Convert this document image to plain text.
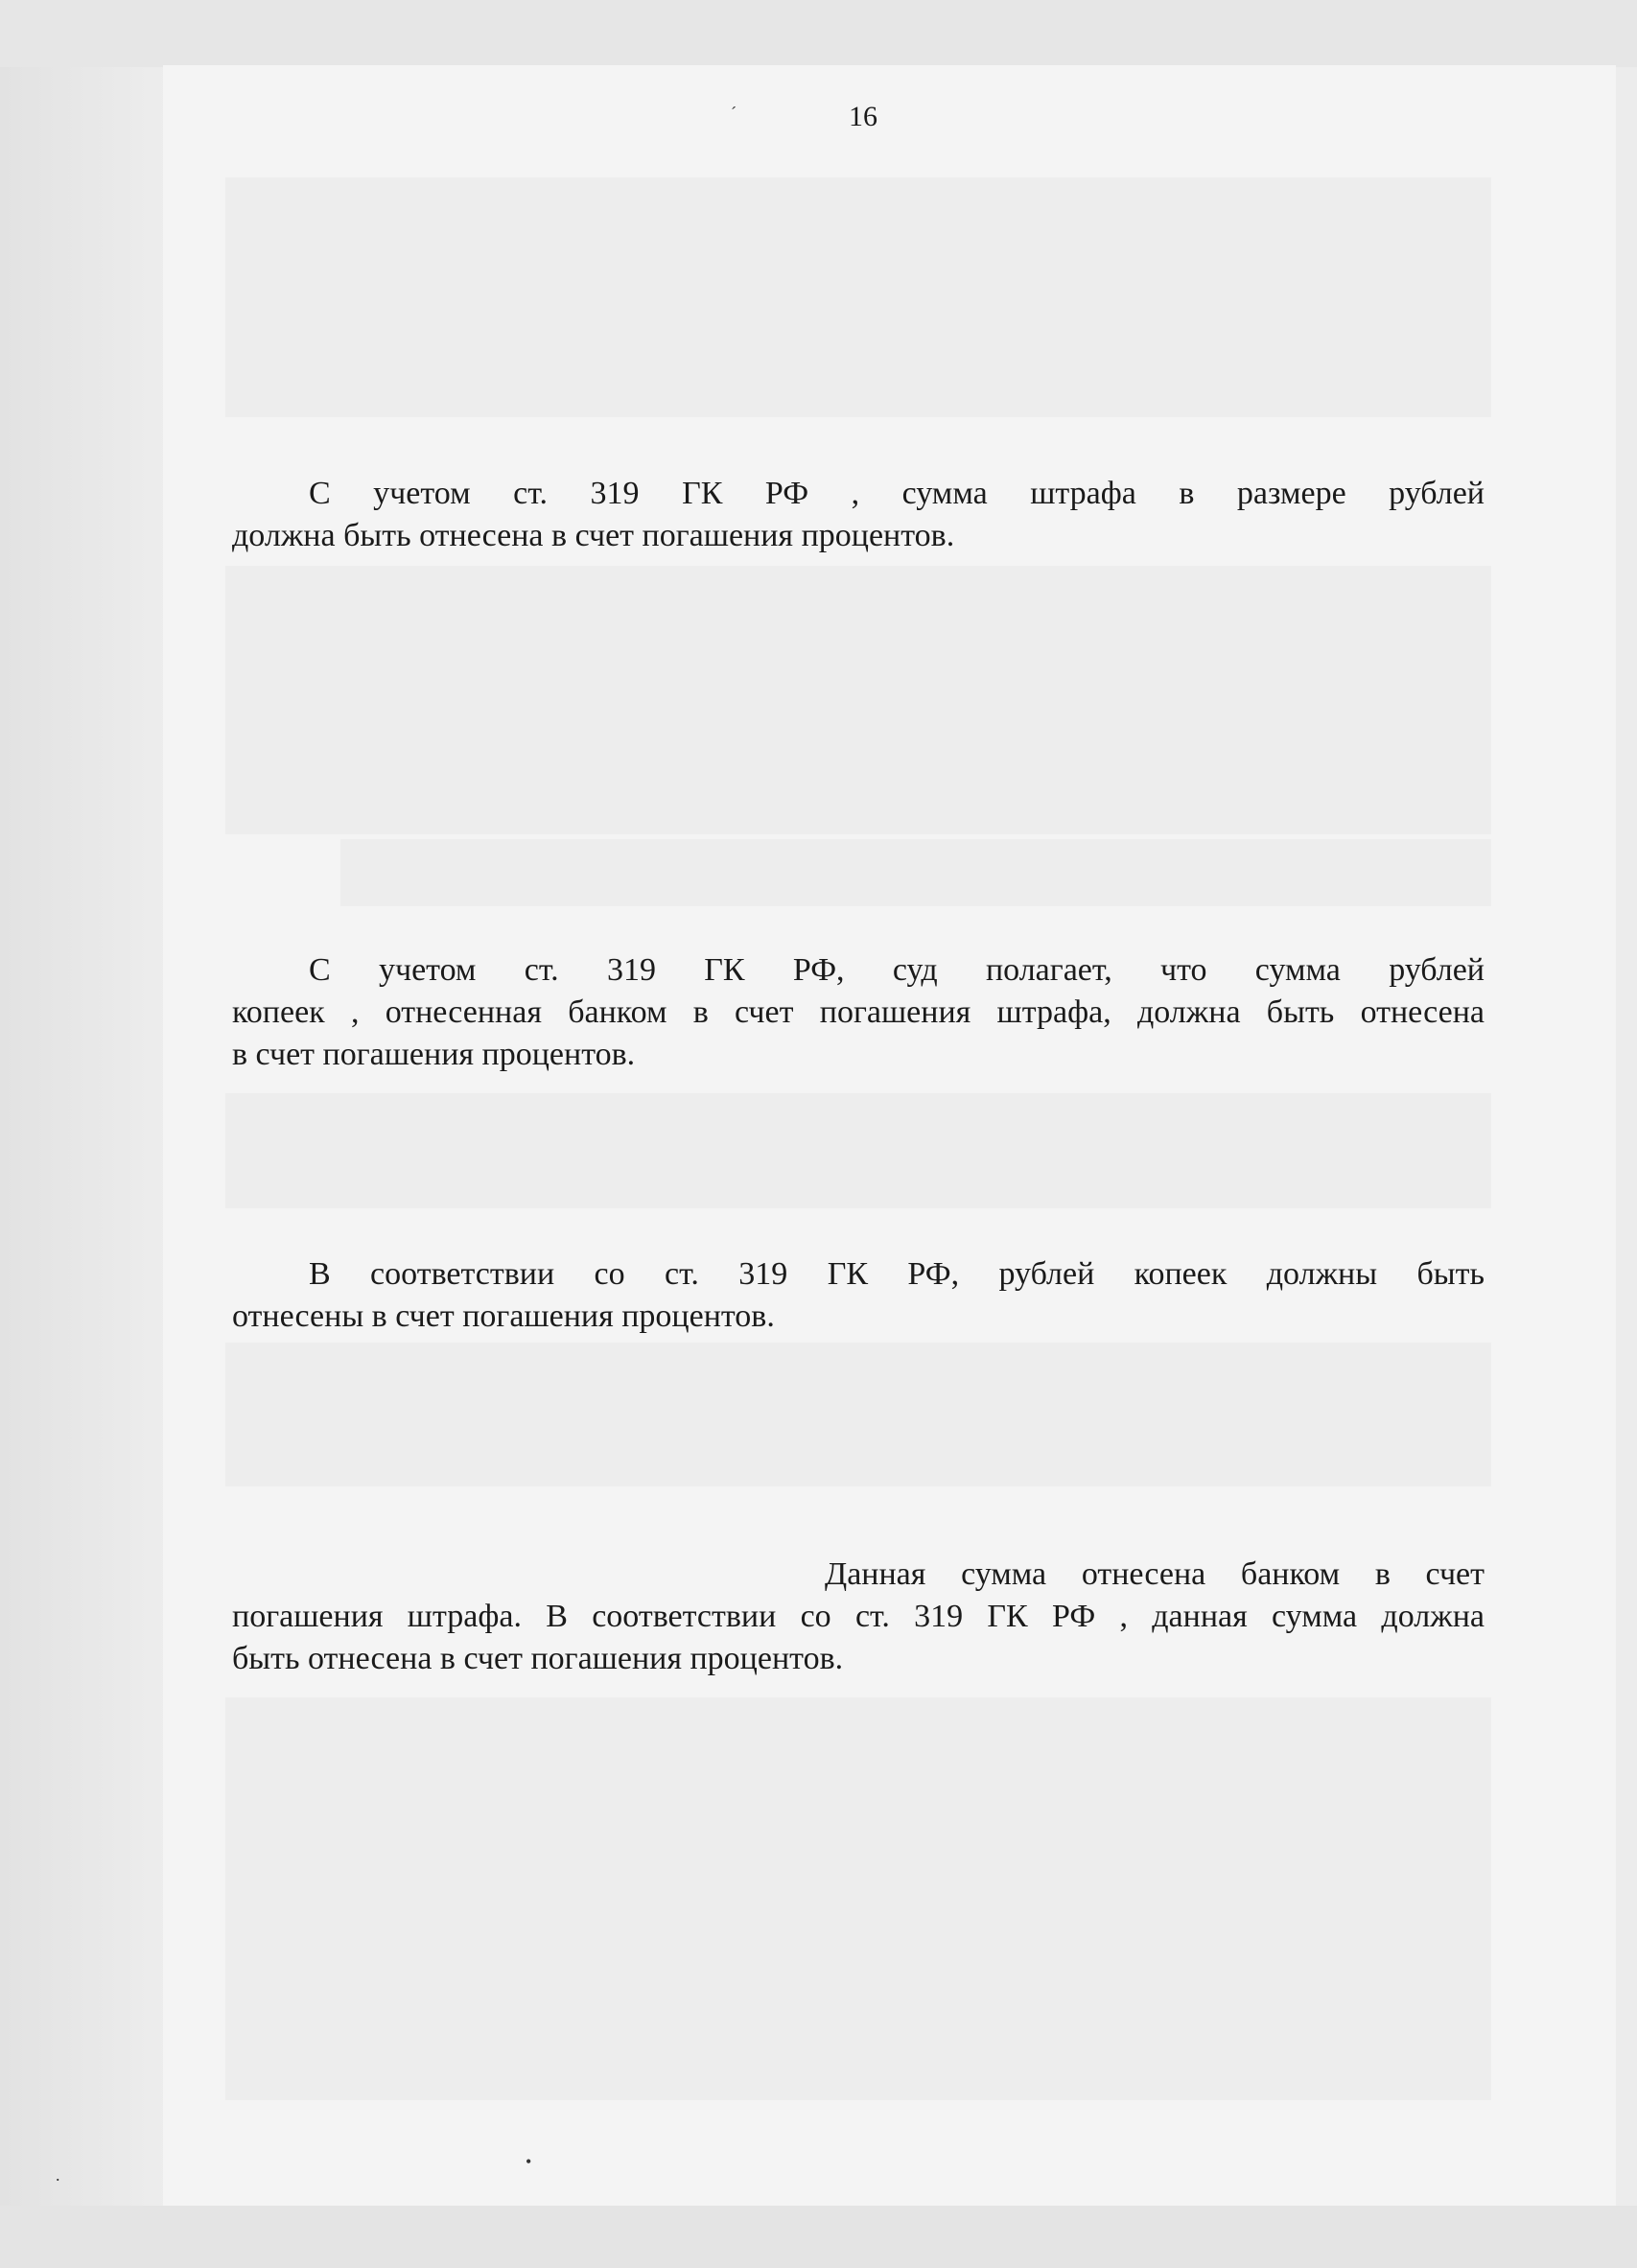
16
´
•
.
С учетом ст. 319 ГК РФ , сумма штрафа в размере рублей
должна быть отнесена в счет погашения процентов.
С учетом ст. 319 ГК РФ, суд полагает, что сумма рублей
копеек , отнесенная банком в счет погашения штрафа, должна быть отнесена
в счет погашения процентов.
В соответствии со ст. 319 ГК РФ, рублей копеек должны быть
отнесены в счет погашения процентов.
Данная сумма отнесена банком в счет
погашения штрафа. В соответствии со ст. 319 ГК РФ , данная сумма должна
быть отнесена в счет погашения процентов.
